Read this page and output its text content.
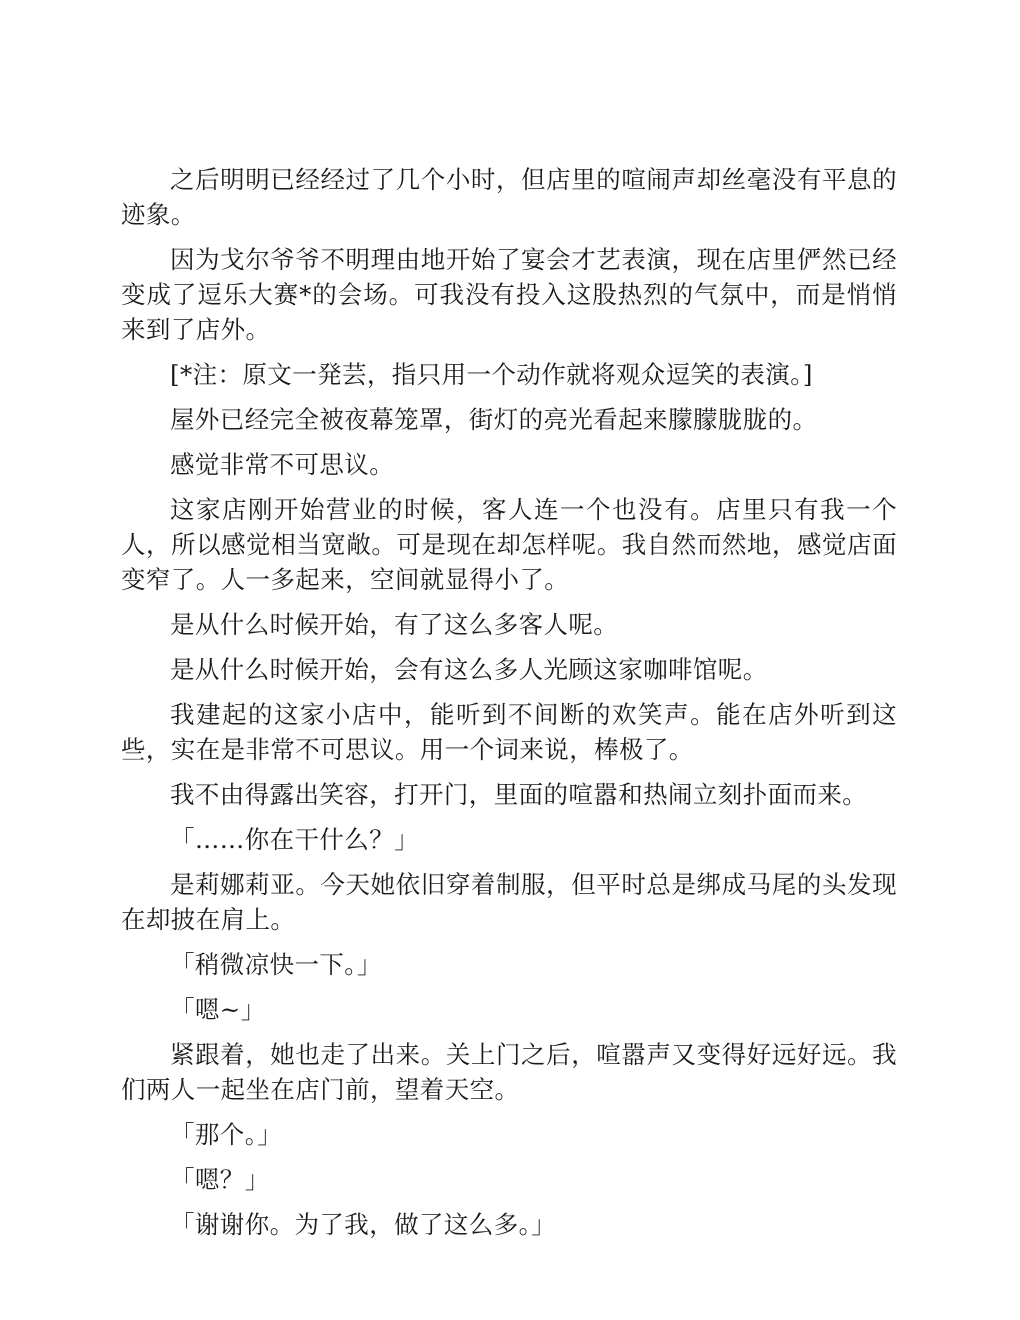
之后明明已经经过了几个小时，但店里的喧闹声却丝毫没有平息的迹象。

因为戈尔爷爷不明理由地开始了宴会才艺表演，现在店里俨然已经变成了逗乐大赛*的会场。可我没有投入这股热烈的气氛中，而是悄悄来到了店外。

[*注：原文一発芸，指只用一个动作就将观众逗笑的表演。]

屋外已经完全被夜幕笼罩，街灯的亮光看起来朦朦胧胧的。

感觉非常不可思议。

这家店刚开始营业的时候，客人连一个也没有。店里只有我一个人，所以感觉相当宽敞。可是现在却怎样呢。我自然而然地，感觉店面变窄了。人一多起来，空间就显得小了。

是从什么时候开始，有了这么多客人呢。

是从什么时候开始，会有这么多人光顾这家咖啡馆呢。

我建起的这家小店中，能听到不间断的欢笑声。能在店外听到这些，实在是非常不可思议。用一个词来说，棒极了。

我不由得露出笑容，打开门，里面的喧嚣和热闹立刻扑面而来。

「……你在干什么？」

是莉娜莉亚。今天她依旧穿着制服，但平时总是绑成马尾的头发现在却披在肩上。

「稍微凉快一下。」

「嗯~」

紧跟着，她也走了出来。关上门之后，喧嚣声又变得好远好远。我们两人一起坐在店门前，望着天空。

「那个。」

「嗯？」

「谢谢你。为了我，做了这么多。」
